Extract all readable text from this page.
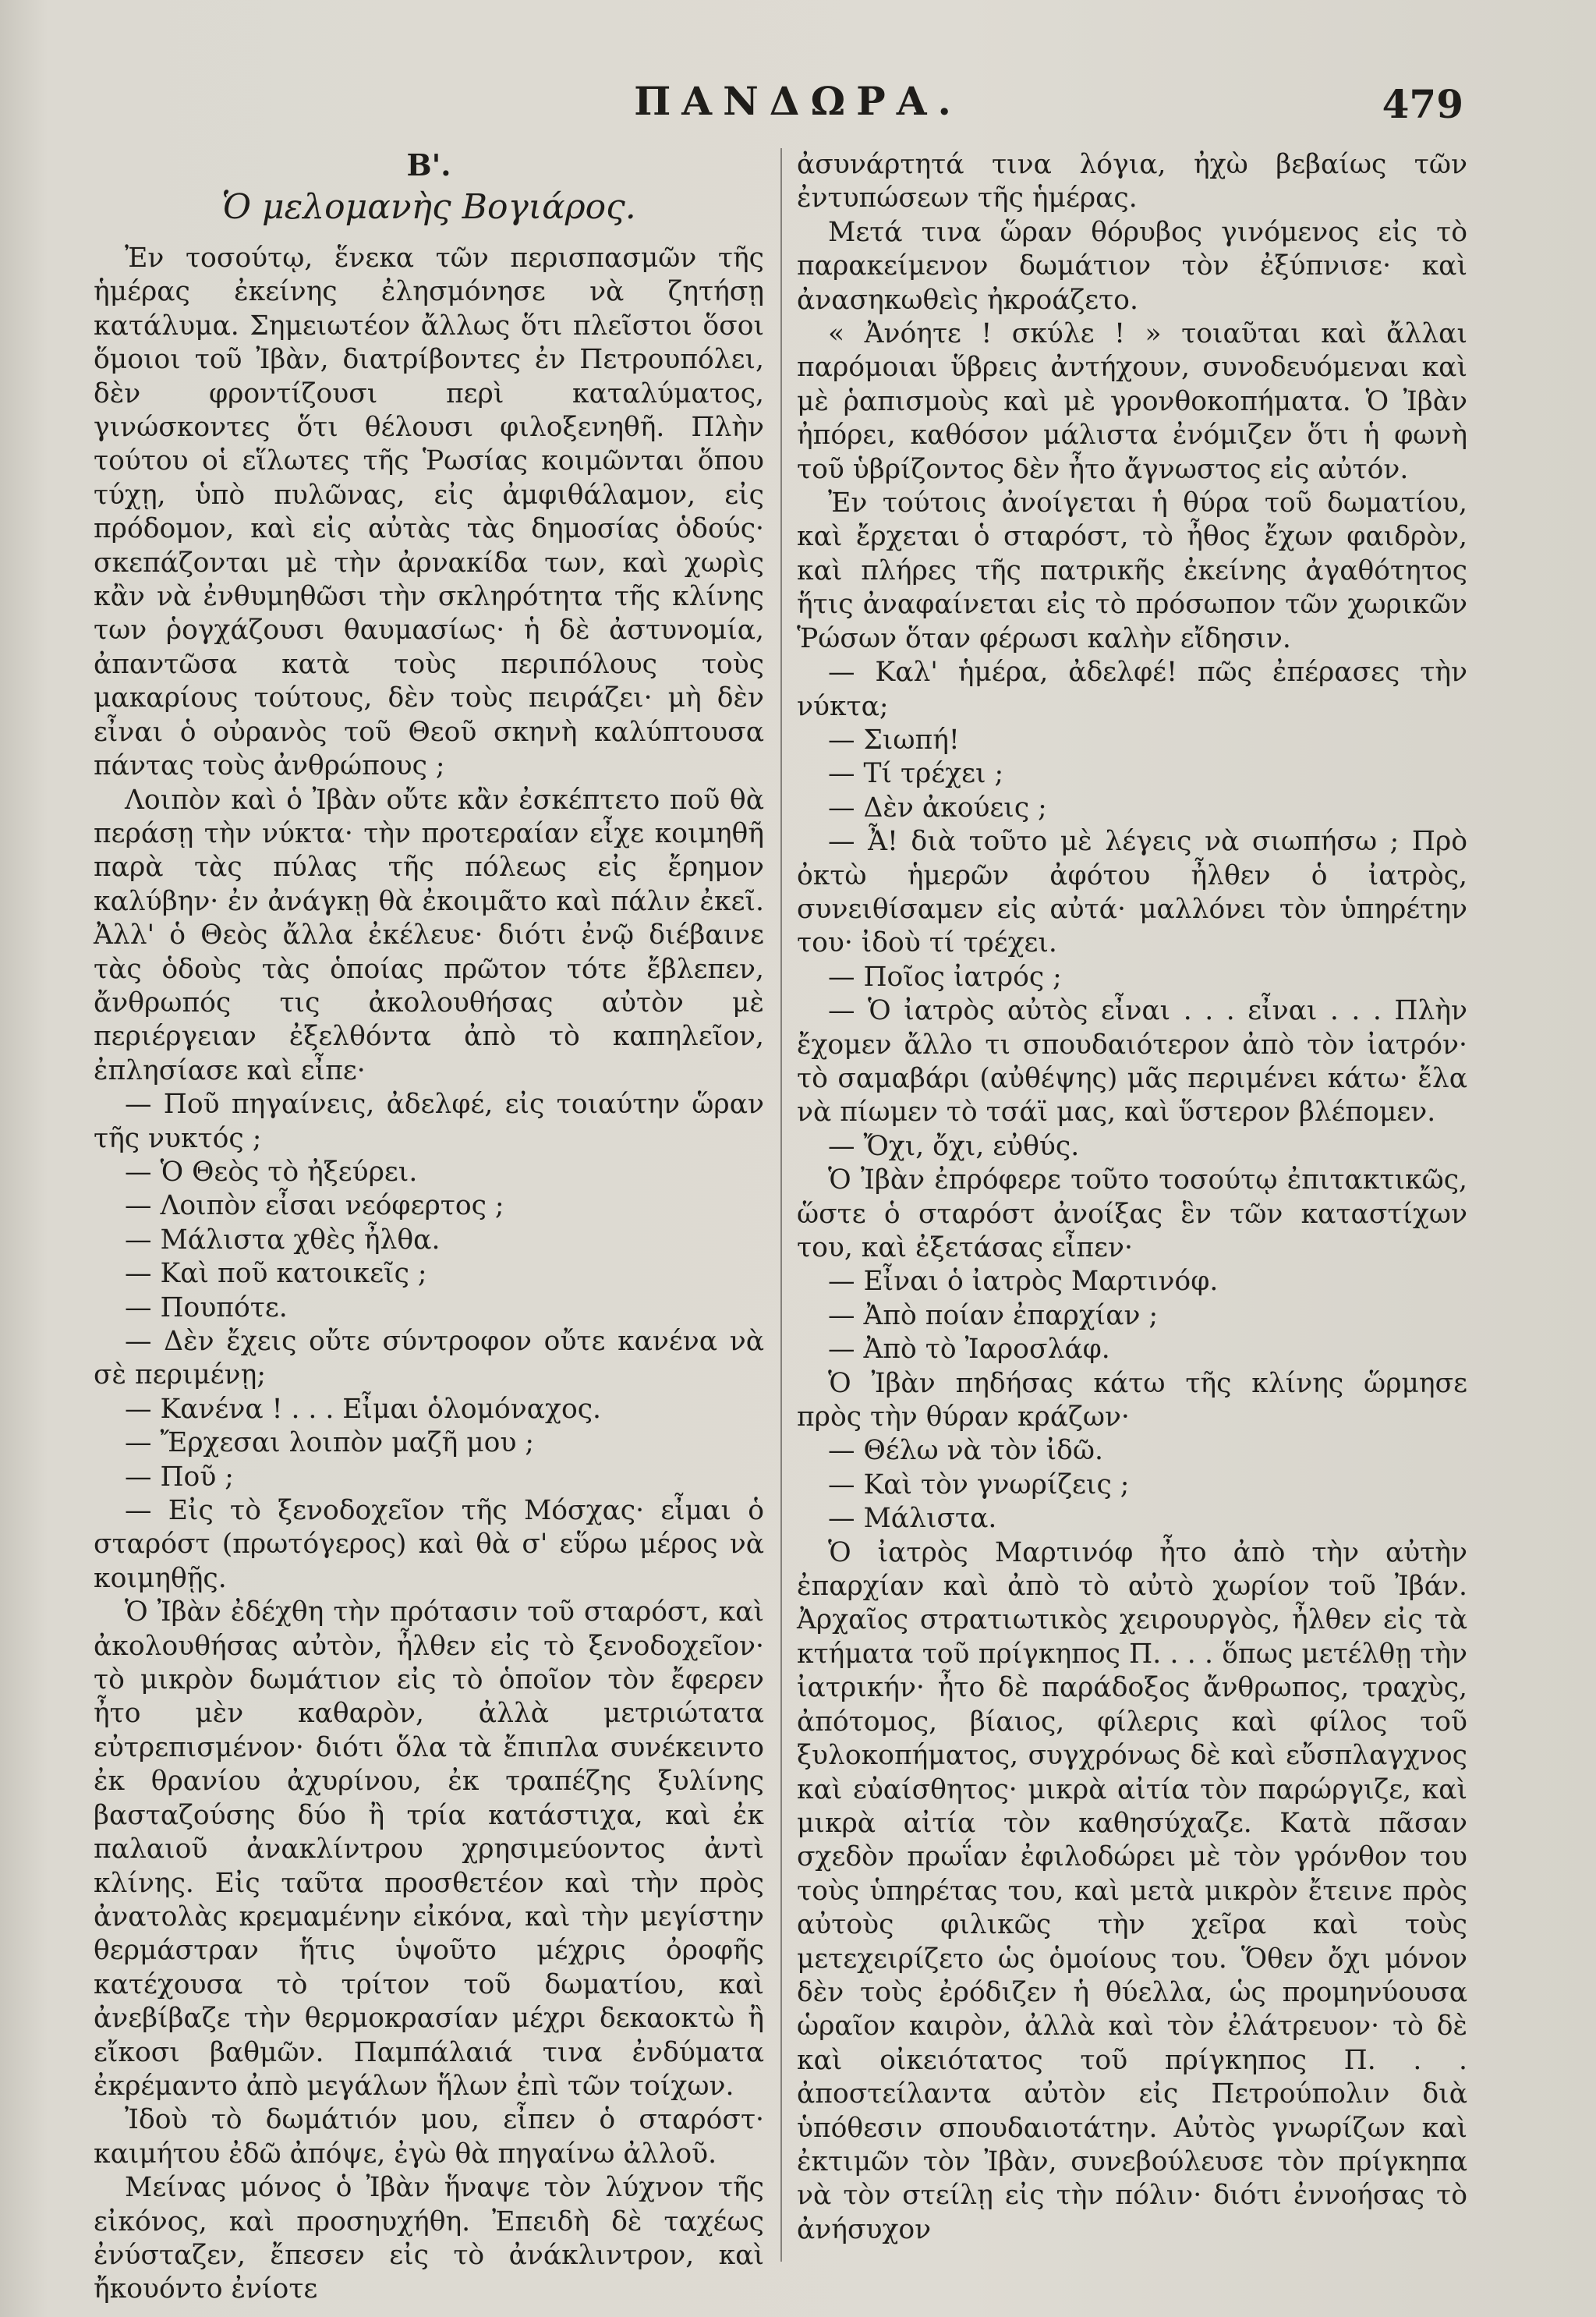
ΠΑΝΔΩΡΑ.	479
Β'.
Ὁ μελομανὴς Βογιάρος.

Ἐν τοσούτῳ, ἕνεκα τῶν περισπασμῶν τῆς ἡμέρας ἐκείνης ἐλησμόνησε νὰ ζητήσῃ κατάλυμα. Σημειωτέον ἄλλως ὅτι πλεῖστοι ὅσοι ὅμοιοι τοῦ Ἰβὰν, διατρίβοντες ἐν Πετρουπόλει, δὲν φροντίζουσι περὶ καταλύματος, γινώσκοντες ὅτι θέλουσι φιλοξενηθῆ. Πλὴν τούτου οἱ εἵλωτες τῆς Ῥωσίας κοιμῶνται ὅπου τύχῃ, ὑπὸ πυλῶνας, εἰς ἀμφιθάλαμον, εἰς πρόδομον, καὶ εἰς αὐτὰς τὰς δημοσίας ὁδούς· σκεπάζονται μὲ τὴν ἀρνακίδα των, καὶ χωρὶς κἂν νὰ ἐνθυμηθῶσι τὴν σκληρότητα τῆς κλίνης των ῥογχάζουσι θαυμασίως· ἡ δὲ ἀστυνομία, ἀπαντῶσα κατὰ τοὺς περιπόλους τοὺς μακαρίους τούτους, δὲν τοὺς πειράζει· μὴ δὲν εἶναι ὁ οὐρανὸς τοῦ Θεοῦ σκηνὴ καλύπτουσα πάντας τοὺς ἀνθρώπους ;

Λοιπὸν καὶ ὁ Ἰβὰν οὔτε κἂν ἐσκέπτετο ποῦ θὰ περάσῃ τὴν νύκτα· τὴν προτεραίαν εἶχε κοιμηθῆ παρὰ τὰς πύλας τῆς πόλεως εἰς ἔρημον καλύβην· ἐν ἀνάγκῃ θὰ ἐκοιμᾶτο καὶ πάλιν ἐκεῖ. Ἀλλ' ὁ Θεὸς ἄλλα ἐκέλευε· διότι ἐνῷ διέβαινε τὰς ὁδοὺς τὰς ὁποίας πρῶτον τότε ἔβλεπεν, ἄνθρωπός τις ἀκολουθήσας αὐτὸν μὲ περιέργειαν ἐξελθόντα ἀπὸ τὸ καπηλεῖον, ἐπλησίασε καὶ εἶπε·

— Ποῦ πηγαίνεις, ἀδελφέ, εἰς τοιαύτην ὥραν τῆς νυκτός ;

— Ὁ Θεὸς τὸ ἠξεύρει.

— Λοιπὸν εἶσαι νεόφερτος ;

— Μάλιστα χθὲς ἦλθα.

— Καὶ ποῦ κατοικεῖς ;

— Πουπότε.

— Δὲν ἔχεις οὔτε σύντροφον οὔτε κανένα νὰ σὲ περιμένῃ;

— Κανένα ! . . . Εἶμαι ὁλομόναχος.

— Ἔρχεσαι λοιπὸν μαζῆ μου ;

— Ποῦ ;

— Εἰς τὸ ξενοδοχεῖον τῆς Μόσχας· εἶμαι ὁ σταρόστ (πρωτόγερος) καὶ θὰ σ' εὕρω μέρος νὰ κοιμηθῇς.

Ὁ Ἰβὰν ἐδέχθη τὴν πρότασιν τοῦ σταρόστ, καὶ ἀκολουθήσας αὐτὸν, ἦλθεν εἰς τὸ ξενοδοχεῖον· τὸ μικρὸν δωμάτιον εἰς τὸ ὁποῖον τὸν ἔφερεν ἦτο μὲν καθαρὸν, ἀλλὰ μετριώτατα εὐτρεπισμένον· διότι ὅλα τὰ ἔπιπλα συνέκειντο ἐκ θρανίου ἀχυρίνου, ἐκ τραπέζης ξυλίνης βασταζούσης δύο ἢ τρία κατάστιχα, καὶ ἐκ παλαιοῦ ἀνακλίντρου χρησιμεύοντος ἀντὶ κλίνης. Εἰς ταῦτα προσθετέον καὶ τὴν πρὸς ἀνατολὰς κρεμαμένην εἰκόνα, καὶ τὴν μεγίστην θερμάστραν ἥτις ὑψοῦτο μέχρις ὀροφῆς κατέχουσα τὸ τρίτον τοῦ δωματίου, καὶ ἀνεβίβαζε τὴν θερμοκρασίαν μέχρι δεκαοκτὼ ἢ εἴκοσι βαθμῶν. Παμπάλαιά τινα ἐνδύματα ἐκρέμαντο ἀπὸ μεγάλων ἥλων ἐπὶ τῶν τοίχων.

Ἰδοὺ τὸ δωμάτιόν μου, εἶπεν ὁ σταρόστ· καιμήτου ἐδῶ ἀπόψε, ἐγὼ θὰ πηγαίνω ἀλλοῦ.

Μείνας μόνος ὁ Ἰβὰν ἥναψε τὸν λύχνον τῆς εἰκόνος, καὶ προσηυχήθη. Ἐπειδὴ δὲ ταχέως ἐνύσταζεν, ἔπεσεν εἰς τὸ ἀνάκλιντρον, καὶ ἤκουόντο ἐνίοτε

ἀσυνάρτητά τινα λόγια, ἠχὼ βεβαίως τῶν ἐντυπώσεων τῆς ἡμέρας.

Μετά τινα ὥραν θόρυβος γινόμενος εἰς τὸ παρακείμενον δωμάτιον τὸν ἐξύπνισε· καὶ ἀνασηκωθεὶς ἠκροάζετο.

« Ἀνόητε ! σκύλε ! » τοιαῦται καὶ ἄλλαι παρόμοιαι ὕβρεις ἀντήχουν, συνοδευόμεναι καὶ μὲ ῥαπισμοὺς καὶ μὲ γρονθοκοπήματα. Ὁ Ἰβὰν ἠπόρει, καθόσον μάλιστα ἐνόμιζεν ὅτι ἡ φωνὴ τοῦ ὑβρίζοντος δὲν ἦτο ἄγνωστος εἰς αὐτόν.

Ἐν τούτοις ἀνοίγεται ἡ θύρα τοῦ δωματίου, καὶ ἔρχεται ὁ σταρόστ, τὸ ἦθος ἔχων φαιδρὸν, καὶ πλήρες τῆς πατρικῆς ἐκείνης ἀγαθότητος ἥτις ἀναφαίνεται εἰς τὸ πρόσωπον τῶν χωρικῶν Ῥώσων ὅταν φέρωσι καλὴν εἴδησιν.

— Καλ' ἡμέρα, ἀδελφέ! πῶς ἐπέρασες τὴν νύκτα;

— Σιωπή!

— Τί τρέχει ;

— Δὲν ἀκούεις ;

— Ἆ! διὰ τοῦτο μὲ λέγεις νὰ σιωπήσω ; Πρὸ ὀκτὼ ἡμερῶν ἀφότου ἦλθεν ὁ ἰατρὸς, συνειθίσαμεν εἰς αὐτά· μαλλόνει τὸν ὑπηρέτην του· ἰδοὺ τί τρέχει.

— Ποῖος ἰατρός ;

— Ὁ ἰατρὸς αὐτὸς εἶναι . . . εἶναι . . . Πλὴν ἔχομεν ἄλλο τι σπουδαιότερον ἀπὸ τὸν ἰατρόν· τὸ σαμαβάρι (αὐθέψης) μᾶς περιμένει κάτω· ἔλα νὰ πίωμεν τὸ τσάϊ μας, καὶ ὕστερον βλέπομεν.

— Ὄχι, ὄχι, εὐθύς.

Ὁ Ἰβὰν ἐπρόφερε τοῦτο τοσούτῳ ἐπιτακτικῶς, ὥστε ὁ σταρόστ ἀνοίξας ἓν τῶν καταστίχων του, καὶ ἐξετάσας εἶπεν·

— Εἶναι ὁ ἰατρὸς Μαρτινόφ.

— Ἀπὸ ποίαν ἐπαρχίαν ;

— Ἀπὸ τὸ Ἰαροσλάφ.

Ὁ Ἰβὰν πηδήσας κάτω τῆς κλίνης ὥρμησε πρὸς τὴν θύραν κράζων·

— Θέλω νὰ τὸν ἰδῶ.

— Καὶ τὸν γνωρίζεις ;

— Μάλιστα.

Ὁ ἰατρὸς Μαρτινόφ ἦτο ἀπὸ τὴν αὐτὴν ἐπαρχίαν καὶ ἀπὸ τὸ αὐτὸ χωρίον τοῦ Ἰβάν. Ἀρχαῖος στρατιωτικὸς χειρουργὸς, ἦλθεν εἰς τὰ κτήματα τοῦ πρίγκηπος Π. . . . ὅπως μετέλθῃ τὴν ἰατρικήν· ἦτο δὲ παράδοξος ἄνθρωπος, τραχὺς, ἀπότομος, βίαιος, φίλερις καὶ φίλος τοῦ ξυλοκοπήματος, συγχρόνως δὲ καὶ εὔσπλαγχνος καὶ εὐαίσθητος· μικρὰ αἰτία τὸν παρώργιζε, καὶ μικρὰ αἰτία τὸν καθησύχαζε. Κατὰ πᾶσαν σχεδὸν πρωΐαν ἐφιλοδώρει μὲ τὸν γρόνθον του τοὺς ὑπηρέτας του, καὶ μετὰ μικρὸν ἔτεινε πρὸς αὐτοὺς φιλικῶς τὴν χεῖρα καὶ τοὺς μετεχειρίζετο ὡς ὁμοίους του. Ὅθεν ὄχι μόνον δὲν τοὺς ἐρόδιζεν ἡ θύελλα, ὡς προμηνύουσα ὡραῖον καιρὸν, ἀλλὰ καὶ τὸν ἐλάτρευον· τὸ δὲ καὶ οἰκειότατος τοῦ πρίγκηπος Π. . . ἀποστείλαντα αὐτὸν εἰς Πετρούπολιν διὰ ὑπόθεσιν σπουδαιοτάτην. Αὐτὸς γνωρίζων καὶ ἐκτιμῶν τὸν Ἰβὰν, συνεβούλευσε τὸν πρίγκηπα νὰ τὸν στείλῃ εἰς τὴν πόλιν· διότι ἐννοήσας τὸ ἀνήσυχον
